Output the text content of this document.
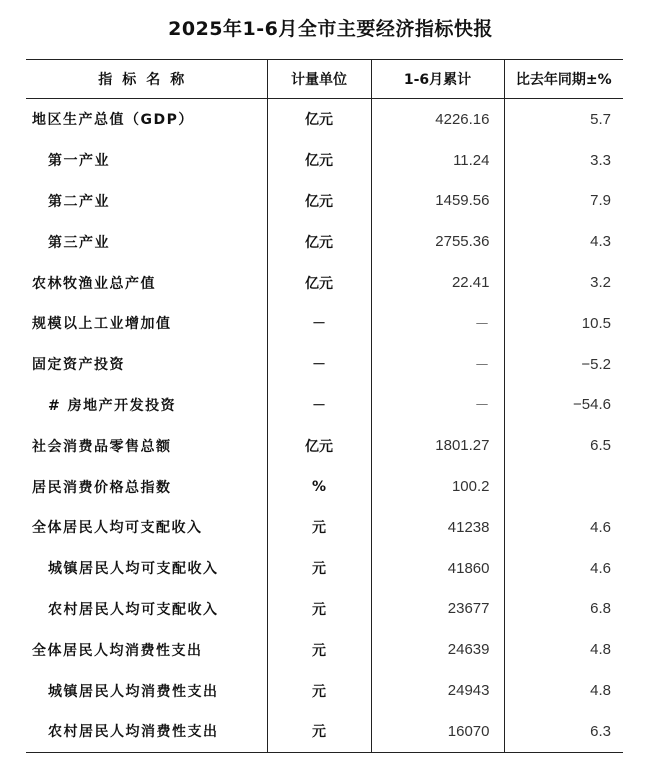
2025年1-6月全市主要经济指标快报
指标名称	计量单位	1-6月累计	比去年同期±%
地区生产总值（GDP）	亿元	4226.16	5.7
第一产业	亿元	11.24	3.3
第二产业	亿元	1459.56	7.9
第三产业	亿元	2755.36	4.3
农林牧渔业总产值	亿元	22.41	3.2
规模以上工业增加值	－	－	10.5
固定资产投资	－	－	−5.2
# 房地产开发投资	－	－	−54.6
社会消费品零售总额	亿元	1801.27	6.5
居民消费价格总指数	%	100.2	
全体居民人均可支配收入	元	41238	4.6
城镇居民人均可支配收入	元	41860	4.6
农村居民人均可支配收入	元	23677	6.8
全体居民人均消费性支出	元	24639	4.8
城镇居民人均消费性支出	元	24943	4.8
农村居民人均消费性支出	元	16070	6.3
